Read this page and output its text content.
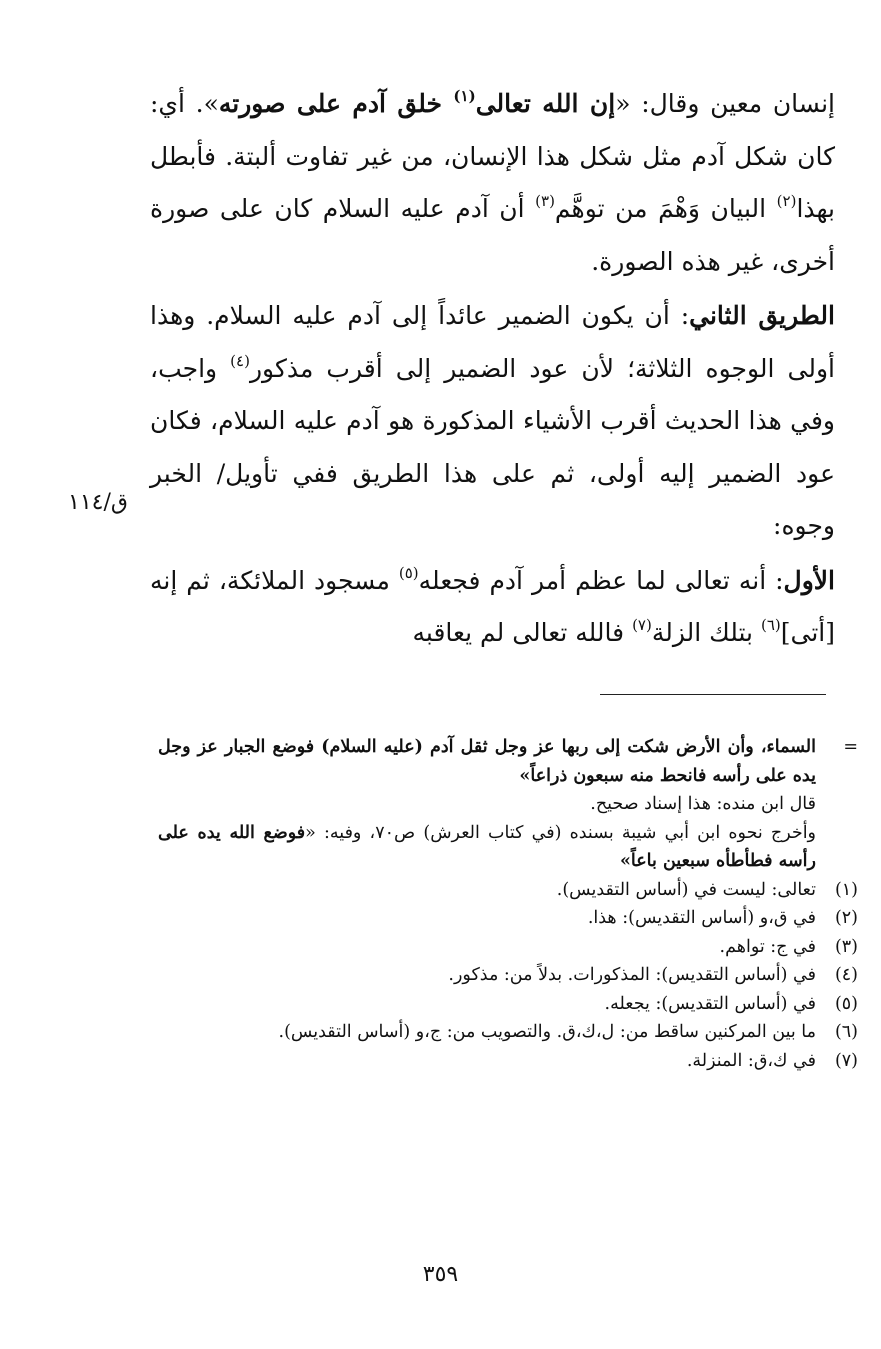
إنسان معين وقال: «إن الله تعالى$^{(١)}$ خلق آدم على صورته». أي: كان شكل آدم مثل شكل هذا الإنسان، من غير تفاوت ألبتة. فأبطل بهذا$^{(٢)}$ البيان وَهْمَ من توهَّم$^{(٣)}$ أن آدم عليه السلام كان على صورة أخرى، غير هذه الصورة.

الطريق الثاني: أن يكون الضمير عائداً إلى آدم عليه السلام. وهذا أولى الوجوه الثلاثة؛ لأن عود الضمير إلى أقرب مذكور$^{(٤)}$ واجب، وفي هذا الحديث أقرب الأشياء المذكورة هو آدم عليه السلام، فكان عود الضمير إليه أولى، ثم على هذا الطريق ففي تأويل/ الخبر وجوه:

الأول: أنه تعالى لما عظم أمر آدم فجعله$^{(٥)}$ مسجود الملائكة، ثم إنه [أتى]$^{(٦)}$ بتلك الزلة$^{(٧)}$ فالله تعالى لم يعاقبه

ق/١١٤
=

السماء، وأن الأرض شكت إلى ربها عز وجل ثقل آدم (عليه السلام) فوضع الجبار عز وجل يده على رأسه فانحط منه سبعون ذراعاً»

قال ابن منده: هذا إسناد صحيح.

وأخرج نحوه ابن أبي شيبة بسنده (في كتاب العرش) ص٧٠، وفيه: «فوضع الله يده على رأسه فطأطأه سبعين باعاً»

(١)
تعالى: ليست في (أساس التقديس).
(٢)
في ق،و (أساس التقديس): هذا.
(٣)
في ج: تواهم.
(٤)
في (أساس التقديس): المذكورات. بدلاً من: مذكور.
(٥)
في (أساس التقديس): يجعله.
(٦)
ما بين المركنين ساقط من: ل،ك،ق. والتصويب من: ج،و (أساس التقديس).
(٧)
في ك،ق: المنزلة.
٣٥٩
